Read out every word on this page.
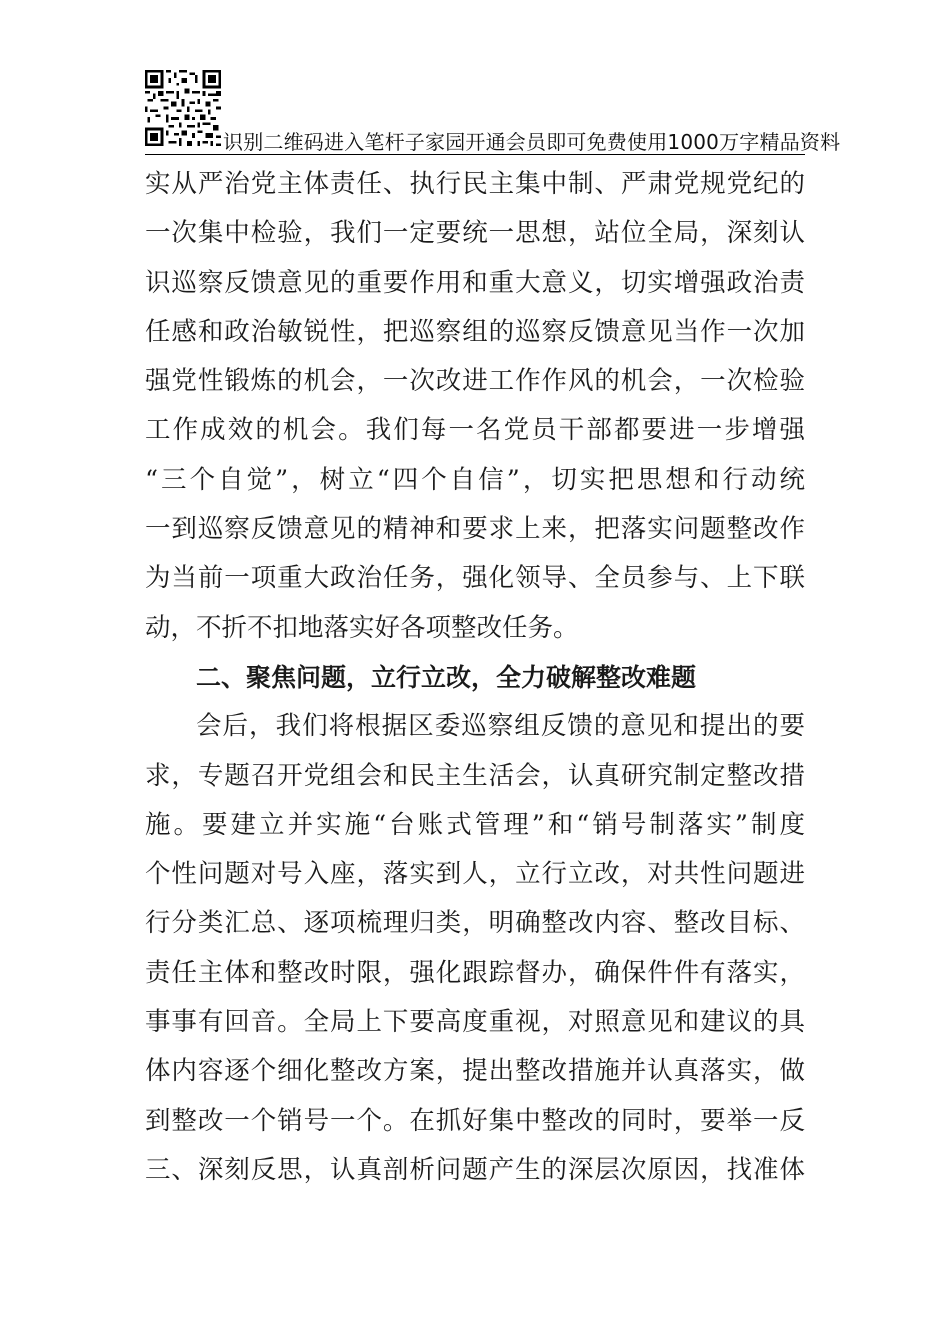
识别二维码进入笔杆子家园开通会员即可免费使用1000万字精品资料
实从严治党主体责任、执行民主集中制、严肃党规党纪的
一次集中检验，我们一定要统一思想，站位全局，深刻认
识巡察反馈意见的重要作用和重大意义，切实增强政治责
任感和政治敏锐性，把巡察组的巡察反馈意见当作一次加
强党性锻炼的机会，一次改进工作作风的机会，一次检验
工作成效的机会。我们每一名党员干部都要进一步增强
“三个自觉”，树立“四个自信”，切实把思想和行动统
一到巡察反馈意见的精神和要求上来，把落实问题整改作
为当前一项重大政治任务，强化领导、全员参与、上下联
动，不折不扣地落实好各项整改任务。
二、聚焦问题，立行立改，全力破解整改难题
会后，我们将根据区委巡察组反馈的意见和提出的要
求，专题召开党组会和民主生活会，认真研究制定整改措
施。要建立并实施“台账式管理”和“销号制落实”制度
个性问题对号入座，落实到人，立行立改，对共性问题进
行分类汇总、逐项梳理归类，明确整改内容、整改目标、
责任主体和整改时限，强化跟踪督办，确保件件有落实，
事事有回音。全局上下要高度重视，对照意见和建议的具
体内容逐个细化整改方案，提出整改措施并认真落实，做
到整改一个销号一个。在抓好集中整改的同时，要举一反
三、深刻反思，认真剖析问题产生的深层次原因，找准体
